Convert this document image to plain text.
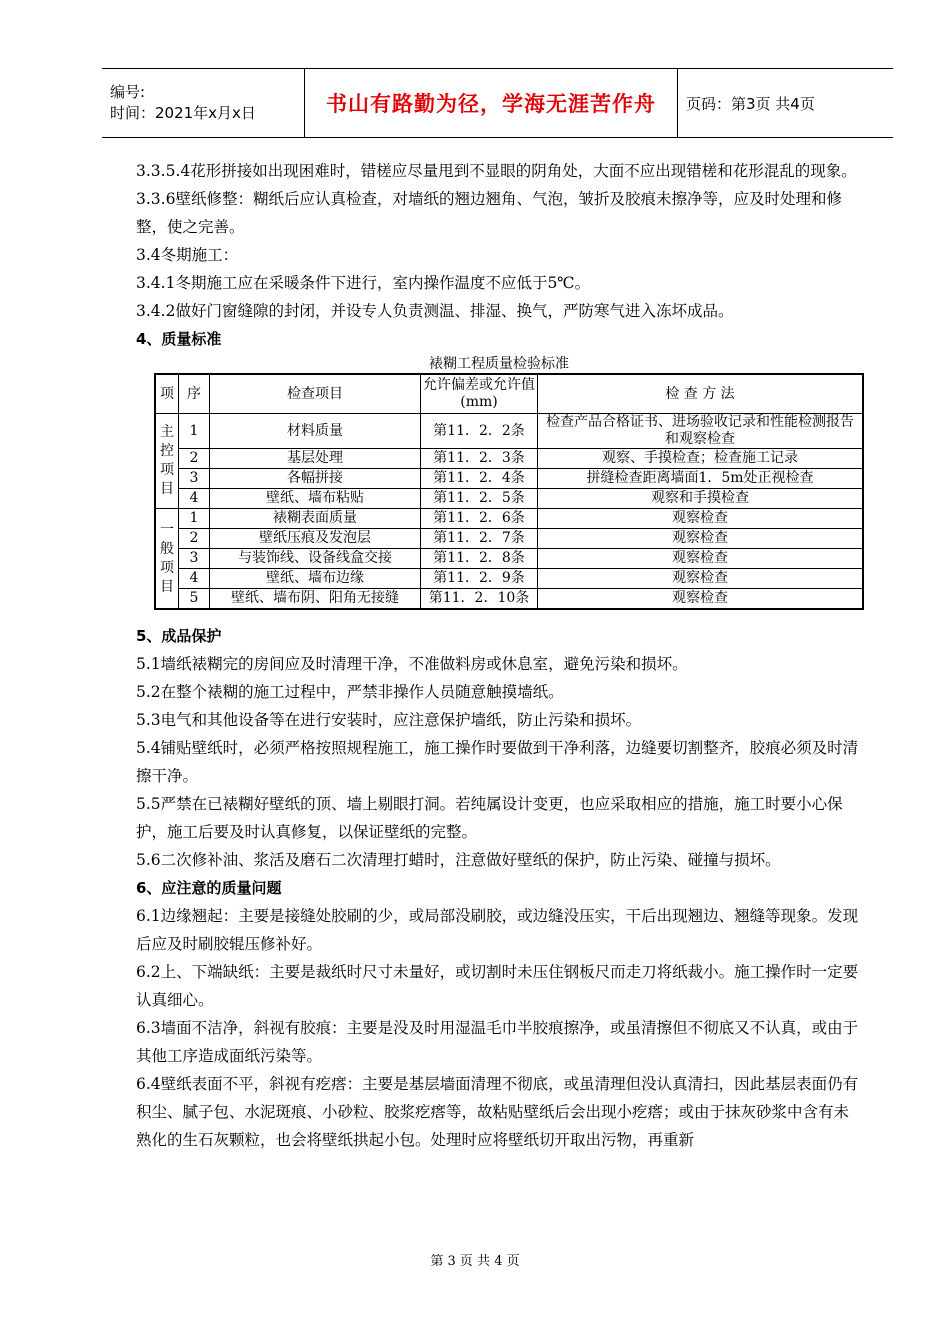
编号:
时间：2021年x月x日	书山有路勤为径，学海无涯苦作舟 页码：第3页 共4页

3.3.5.4花形拼接如出现困难时，错槎应尽量甩到不显眼的阴角处，大面不应出现错槎和花形混乱的现象。

3.3.6壁纸修整：糊纸后应认真检查，对墙纸的翘边翘角、气泡，皱折及胶痕未擦净等，应及时处理和修整，使之完善。

3.4冬期施工：

3.4.1冬期施工应在采暖条件下进行，室内操作温度不应低于5℃。

3.4.2做好门窗缝隙的封闭，并设专人负责测温、排湿、换气，严防寒气进入冻坏成品。

4、质量标准

裱糊工程质量检验标准
项	序	检查项目	允许偏差或允许值(mm)	检 查 方 法
主控项目	1	材料质量	第11．2．2条	检查产品合格证书、进场验收记录和性能检测报告和观察检查
	2	基层处理	第11．2．3条	观察、手摸检查；检查施工记录
	3	各幅拼接	第11．2．4条	拼缝检查距离墙面1．5m处正视检查
	4	壁纸、墙布粘贴	第11．2．5条	观察和手摸检查
一般项目	1	裱糊表面质量	第11．2．6条	观察检查
	2	壁纸压痕及发泡层	第11．2．7条	观察检查
	3	与装饰线、设备线盒交接	第11．2．8条	观察检查
	4	壁纸、墙布边缘	第11．2．9条	观察检查
	5	壁纸、墙布阴、阳角无接缝	第11．2．10条	观察检查

5、成品保护

5.1墙纸裱糊完的房间应及时清理干净，不准做料房或休息室，避免污染和损坏。

5.2在整个裱糊的施工过程中，严禁非操作人员随意触摸墙纸。

5.3电气和其他设备等在进行安装时，应注意保护墙纸，防止污染和损坏。

5.4铺贴壁纸时，必须严格按照规程施工，施工操作时要做到干净利落，边缝要切割整齐，胶痕必须及时清擦干净。

5.5严禁在已裱糊好壁纸的顶、墙上剔眼打洞。若纯属设计变更，也应采取相应的措施，施工时要小心保护，施工后要及时认真修复，以保证壁纸的完整。

5.6二次修补油、浆活及磨石二次清理打蜡时，注意做好壁纸的保护，防止污染、碰撞与损坏。

6、应注意的质量问题

6.1边缘翘起：主要是接缝处胶刷的少，或局部没刷胶，或边缝没压实，干后出现翘边、翘缝等现象。发现后应及时刷胶辊压修补好。

6.2上、下端缺纸：主要是裁纸时尺寸未量好，或切割时未压住钢板尺而走刀将纸裁小。施工操作时一定要认真细心。

6.3墙面不洁净，斜视有胶痕：主要是没及时用湿温毛巾半胶痕擦净，或虽清擦但不彻底又不认真，或由于其他工序造成面纸污染等。

6.4壁纸表面不平，斜视有疙瘩：主要是基层墙面清理不彻底，或虽清理但没认真清扫，因此基层表面仍有积尘、腻子包、水泥斑痕、小砂粒、胶浆疙瘩等，故粘贴壁纸后会出现小疙瘩；或由于抹灰砂浆中含有未熟化的生石灰颗粒，也会将壁纸拱起小包。处理时应将壁纸切开取出污物，再重新

第 3 页 共 4 页
